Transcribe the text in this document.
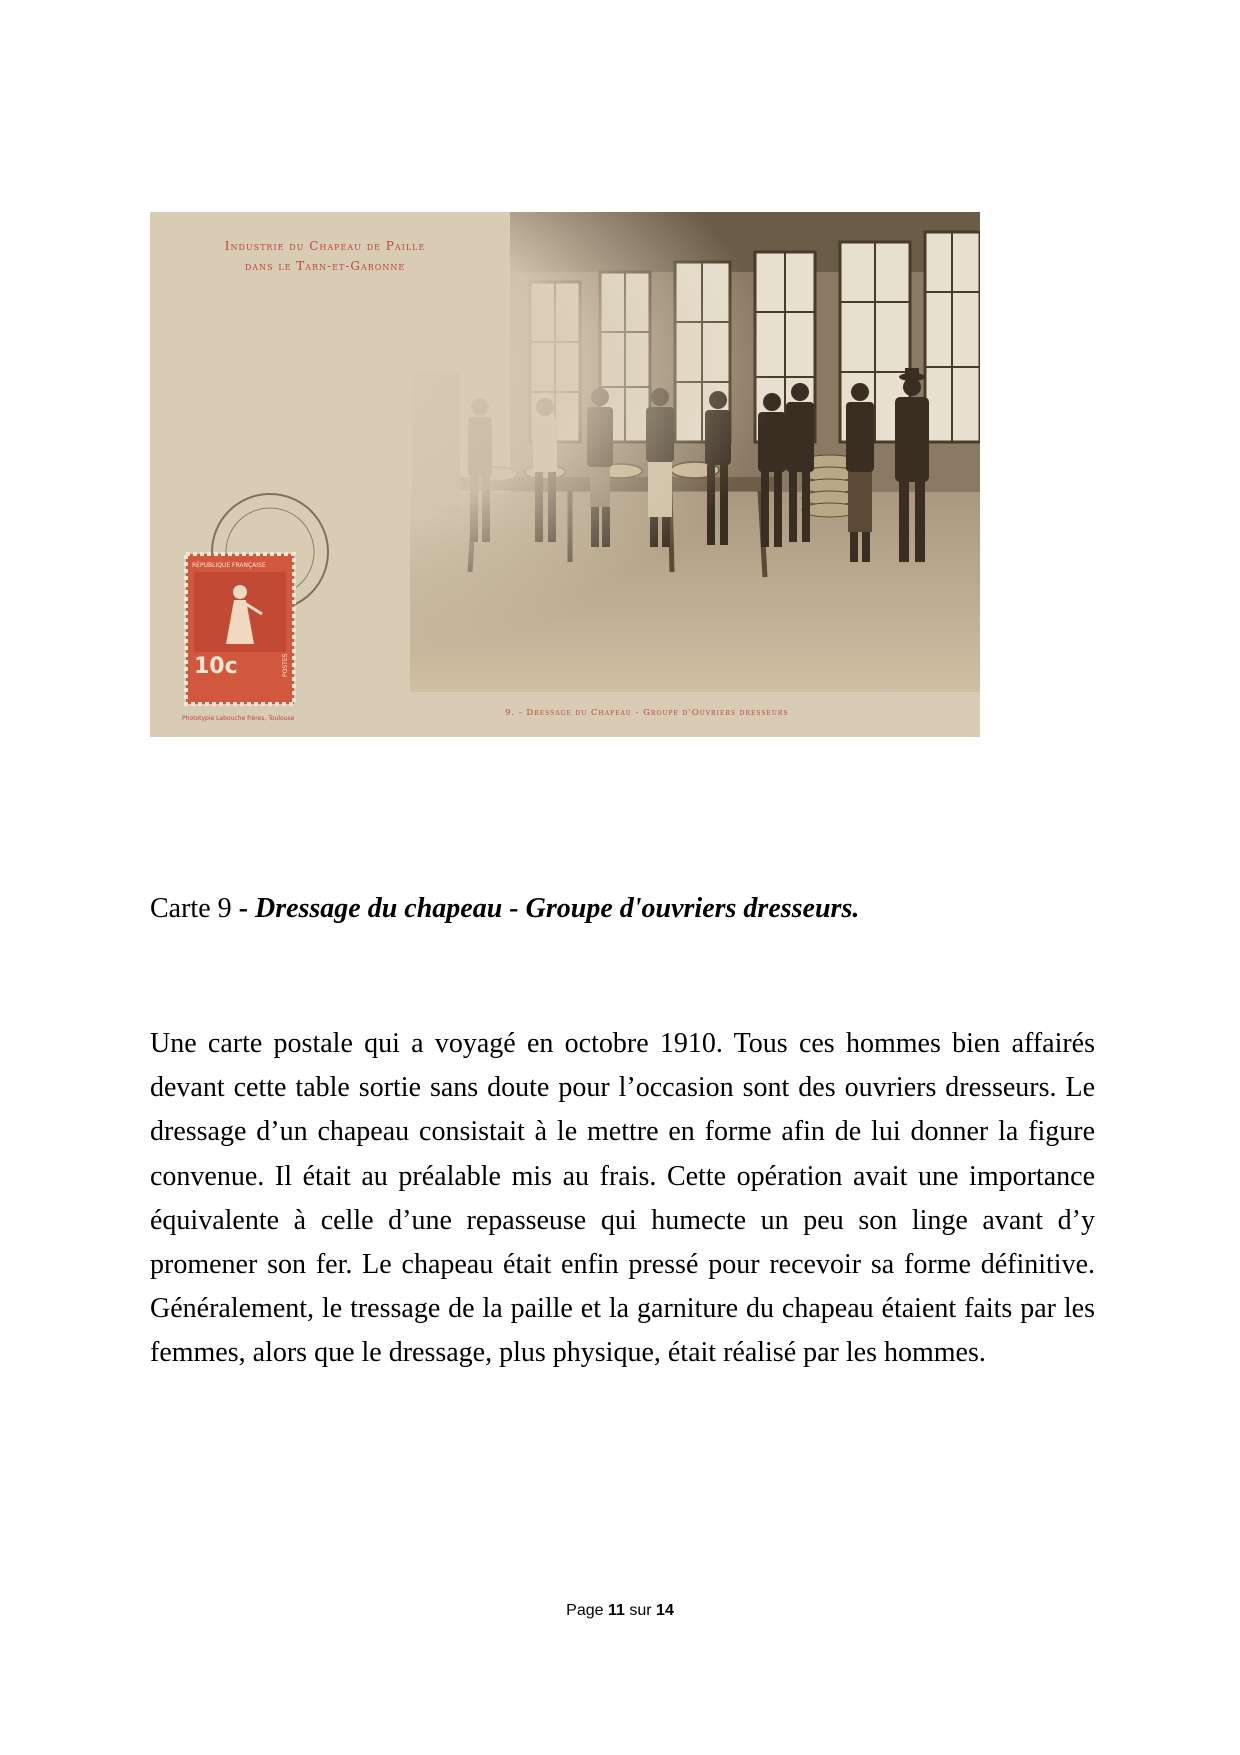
Industrie du Chapeau de Paille
dans le Tarn-et-Garonne
RÉPUBLIQUE FRANÇAISE
10c	POSTES
Phototypie Labouche frères, Toulouse
9. - Dressage du Chapeau - Groupe d'Ouvriers dresseurs
Carte 9 - Dressage du chapeau - Groupe d'ouvriers dresseurs.
Une carte postale qui a voyagé en octobre 1910. Tous ces hommes bien affairés devant cette table sortie sans doute pour l’occasion sont des ouvriers dresseurs. Le dressage d’un chapeau consistait à le mettre en forme afin de lui donner la figure convenue. Il était au préalable mis au frais. Cette opération avait une importance équivalente à celle d’une repasseuse qui humecte un peu son linge avant d’y promener son fer. Le chapeau était enfin pressé pour recevoir sa forme définitive. Généralement, le tressage de la paille et la garniture du chapeau étaient faits par les femmes, alors que le dressage, plus physique, était réalisé par les hommes.
Page 11 sur 14
